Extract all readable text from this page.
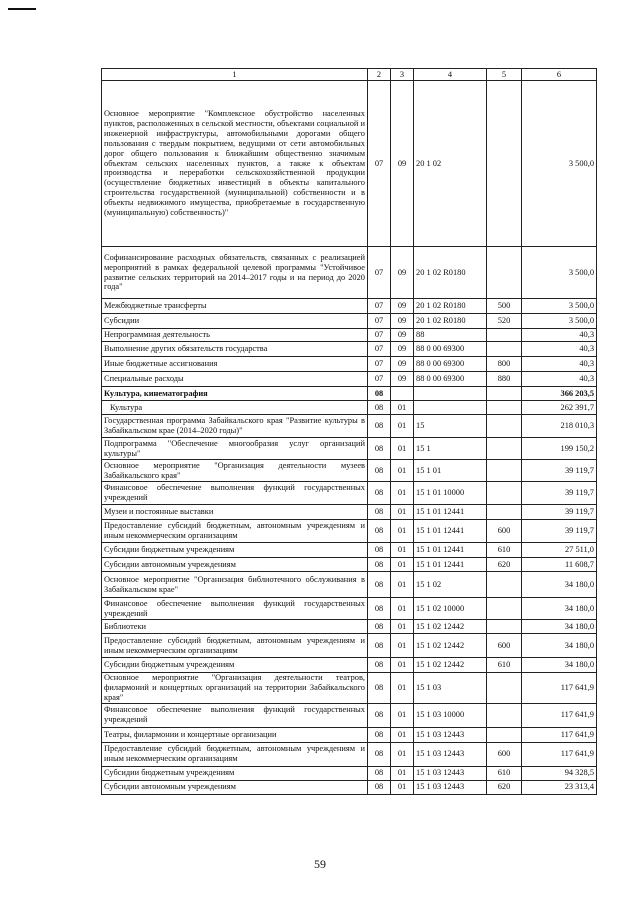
1	2	3	4	5	6
Основное мероприятие "Комплексное обустройство населенных пунктов, расположенных в сельской местности, объектами социальной и инженерной инфраструктуры, автомобильными дорогами общего пользования с твердым покрытием, ведущими от сети автомобильных дорог общего пользования к ближайшим общественно значимым объектам сельских населенных пунктов, а также к объектам производства и переработки сельскохозяйственной продукции (осуществление бюджетных инвестиций в объекты капитального строительства государственной (муниципальной) собственности и в объекты недвижимого имущества, приобретаемые в государственную (муниципальную) собственность)"	07	09	20 1 02		3 500,0
Софинансирование расходных обязательств, связанных с реализацией мероприятий в рамках федеральной целевой программы "Устойчивое развитие сельских территорий на 2014–2017 годы и на период до 2020 года"	07	09	20 1 02 R0180		3 500,0
Межбюджетные трансферты	07	09	20 1 02 R0180	500	3 500,0
Субсидии	07	09	20 1 02 R0180	520	3 500,0
Непрограммная деятельность	07	09	88		40,3
Выполнение других обязательств государства	07	09	88 0 00 69300		40,3
Иные бюджетные ассигнования	07	09	88 0 00 69300	800	40,3
Специальные расходы	07	09	88 0 00 69300	880	40,3
Культура, кинематография	08				366 203,5
Культура	08	01			262 391,7
Государственная программа Забайкальского края "Развитие культуры в Забайкальском крае (2014–2020 годы)"	08	01	15		218 010,3
Подпрограмма "Обеспечение многообразия услуг организаций культуры"	08	01	15 1		199 150,2
Основное мероприятие "Организация деятельности музеев Забайкальского края"	08	01	15 1 01		39 119,7
Финансовое обеспечение выполнения функций государственных учреждений	08	01	15 1 01 10000		39 119,7
Музеи и постоянные выставки	08	01	15 1 01 12441		39 119,7
Предоставление субсидий бюджетным, автономным учреждениям и иным некоммерческим организациям	08	01	15 1 01 12441	600	39 119,7
Субсидии бюджетным учреждениям	08	01	15 1 01 12441	610	27 511,0
Субсидии автономным учреждениям	08	01	15 1 01 12441	620	11 608,7
Основное мероприятие "Организация библиотечного обслуживания в Забайкальском крае"	08	01	15 1 02		34 180,0
Финансовое обеспечение выполнения функций государственных учреждений	08	01	15 1 02 10000		34 180,0
Библиотеки	08	01	15 1 02 12442		34 180,0
Предоставление субсидий бюджетным, автономным учреждениям и иным некоммерческим организациям	08	01	15 1 02 12442	600	34 180,0
Субсидии бюджетным учреждениям	08	01	15 1 02 12442	610	34 180,0
Основное мероприятие "Организация деятельности театров, филармоний и концертных организаций на территории Забайкальского края"	08	01	15 1 03		117 641,9
Финансовое обеспечение выполнения функций государственных учреждений	08	01	15 1 03 10000		117 641,9
Театры, филармонии и концертные организации	08	01	15 1 03 12443		117 641,9
Предоставление субсидий бюджетным, автономным учреждениям и иным некоммерческим организациям	08	01	15 1 03 12443	600	117 641,9
Субсидии бюджетным учреждениям	08	01	15 1 03 12443	610	94 328,5
Субсидии автономным учреждениям	08	01	15 1 03 12443	620	23 313,4
59
